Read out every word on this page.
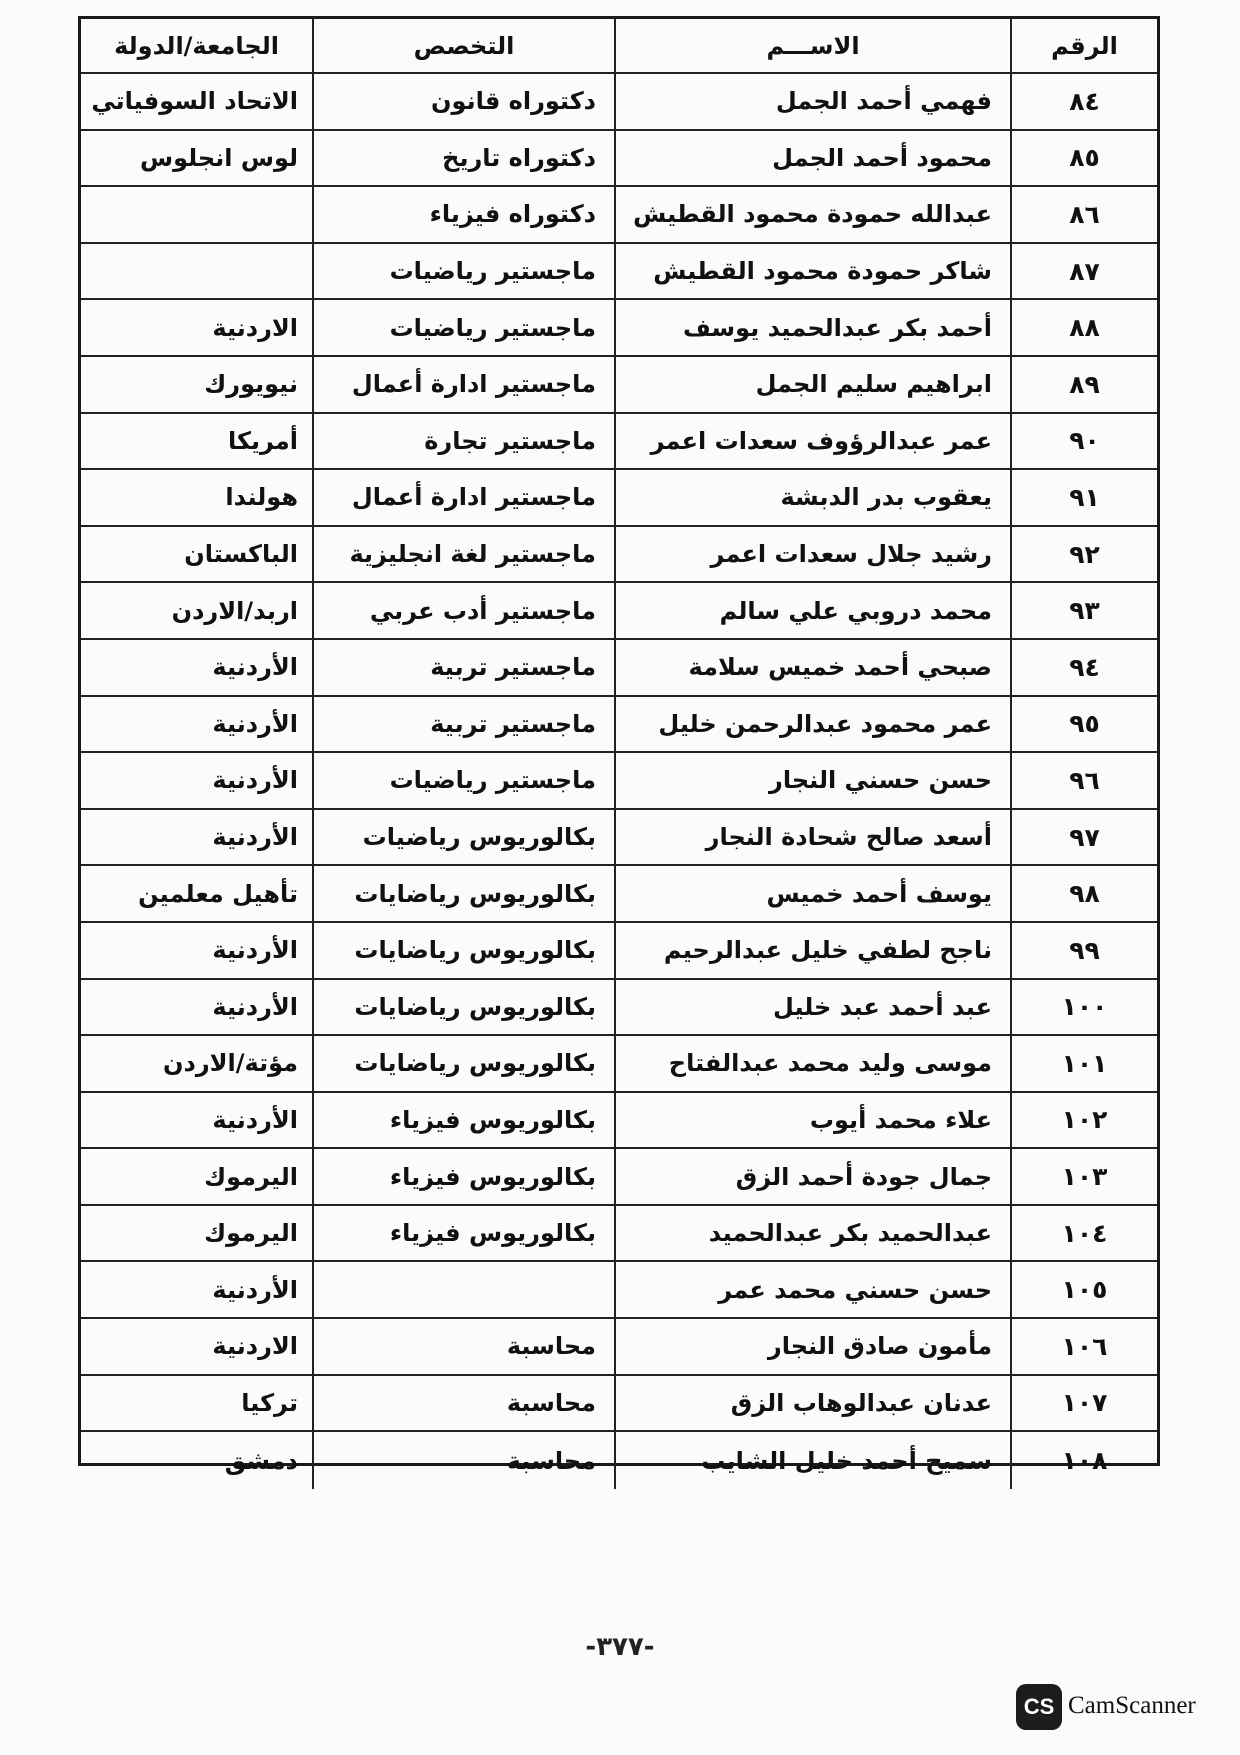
الرقم
الاســـم
التخصص
الجامعة/الدولة
٨٤
فهمي أحمد الجمل
دكتوراه قانون
الاتحاد السوفياتي
٨٥
محمود أحمد الجمل
دكتوراه تاريخ
لوس انجلوس
٨٦
عبدالله حمودة محمود القطيش
دكتوراه فيزياء
٨٧
شاكر حمودة محمود القطيش
ماجستير رياضيات
٨٨
أحمد بكر عبدالحميد يوسف
ماجستير رياضيات
الاردنية
٨٩
ابراهيم سليم الجمل
ماجستير ادارة أعمال
نيويورك
٩٠
عمر عبدالرؤوف سعدات اعمر
ماجستير تجارة
أمريكا
٩١
يعقوب بدر الدبشة
ماجستير ادارة أعمال
هولندا
٩٢
رشيد جلال سعدات اعمر
ماجستير لغة انجليزية
الباكستان
٩٣
محمد دروبي علي سالم
ماجستير أدب عربي
اربد/الاردن
٩٤
صبحي أحمد خميس سلامة
ماجستير تربية
الأردنية
٩٥
عمر محمود عبدالرحمن خليل
ماجستير تربية
الأردنية
٩٦
حسن حسني النجار
ماجستير رياضيات
الأردنية
٩٧
أسعد صالح شحادة النجار
بكالوريوس رياضيات
الأردنية
٩٨
يوسف أحمد خميس
بكالوريوس رياضايات
تأهيل معلمين
٩٩
ناجح لطفي خليل عبدالرحيم
بكالوريوس رياضايات
الأردنية
١٠٠
عبد أحمد عبد خليل
بكالوريوس رياضايات
الأردنية
١٠١
موسى وليد محمد عبدالفتاح
بكالوريوس رياضايات
مؤتة/الاردن
١٠٢
علاء محمد أيوب
بكالوريوس فيزياء
الأردنية
١٠٣
جمال جودة أحمد الزق
بكالوريوس فيزياء
اليرموك
١٠٤
عبدالحميد بكر عبدالحميد
بكالوريوس فيزياء
اليرموك
١٠٥
حسن حسني محمد عمر
الأردنية
١٠٦
مأمون صادق النجار
محاسبة
الاردنية
١٠٧
عدنان عبدالوهاب الزق
محاسبة
تركيا
١٠٨
سميح أحمد خليل الشايب
محاسبة
دمشق
-٣٧٧-
CS CamScanner
